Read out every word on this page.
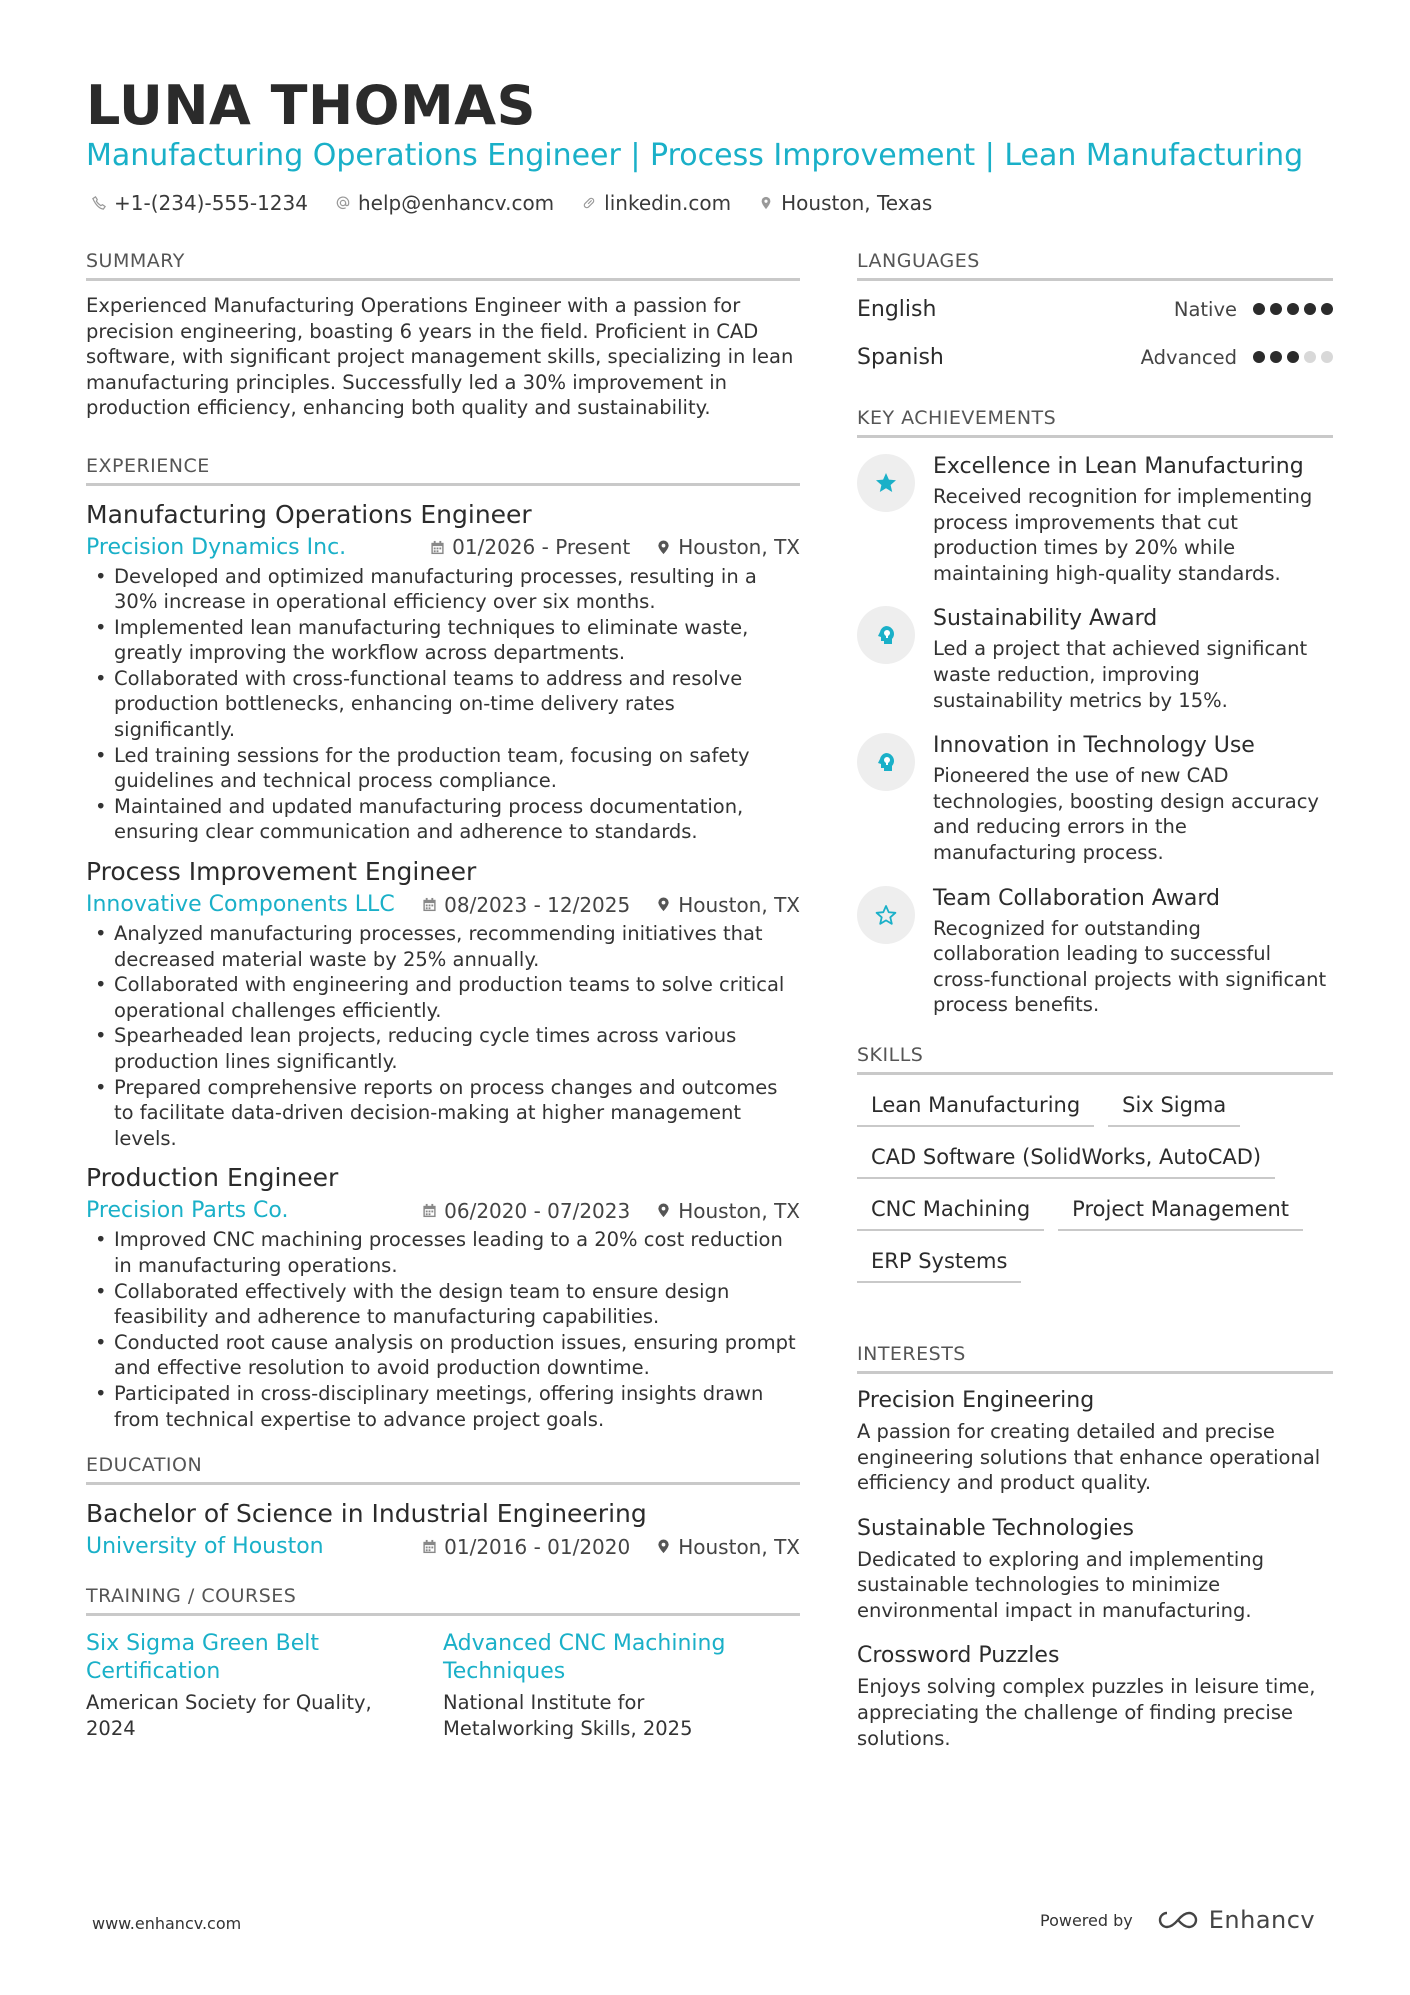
LUNA THOMAS
Manufacturing Operations Engineer | Process Improvement | Lean Manufacturing
+1-(234)-555-1234	help@enhancv.com	linkedin.com	Houston, Texas
SUMMARY

Experienced Manufacturing Operations Engineer with a passion for precision engineering, boasting 6 years in the field. Proficient in CAD software, with significant project management skills, specializing in lean manufacturing principles. Successfully led a 30% improvement in production efficiency, enhancing both quality and sustainability.

EXPERIENCE
Manufacturing Operations Engineer
Precision Dynamics Inc.	01/2026 - Present Houston, TX
• Developed and optimized manufacturing processes, resulting in a 30% increase in operational efficiency over six months.
• Implemented lean manufacturing techniques to eliminate waste, greatly improving the workflow across departments.
• Collaborated with cross-functional teams to address and resolve production bottlenecks, enhancing on-time delivery rates significantly.
• Led training sessions for the production team, focusing on safety guidelines and technical process compliance.
• Maintained and updated manufacturing process documentation, ensuring clear communication and adherence to standards.
Process Improvement Engineer
Innovative Components LLC	08/2023 - 12/2025 Houston, TX
• Analyzed manufacturing processes, recommending initiatives that decreased material waste by 25% annually.
• Collaborated with engineering and production teams to solve critical operational challenges efficiently.
• Spearheaded lean projects, reducing cycle times across various production lines significantly.
• Prepared comprehensive reports on process changes and outcomes to facilitate data-driven decision-making at higher management levels.
Production Engineer
Precision Parts Co.	06/2020 - 07/2023 Houston, TX
• Improved CNC machining processes leading to a 20% cost reduction in manufacturing operations.
• Collaborated effectively with the design team to ensure design feasibility and adherence to manufacturing capabilities.
• Conducted root cause analysis on production issues, ensuring prompt and effective resolution to avoid production downtime.
• Participated in cross-disciplinary meetings, offering insights drawn from technical expertise to advance project goals.
EDUCATION
Bachelor of Science in Industrial Engineering
University of Houston	01/2016 - 01/2020 Houston, TX
TRAINING / COURSES
Six Sigma Green Belt Certification
American Society for Quality, 2024
Advanced CNC Machining Techniques
National Institute for Metalworking Skills, 2025
LANGUAGES
English	Native
Spanish	Advanced
KEY ACHIEVEMENTS
Excellence in Lean Manufacturing
Received recognition for implementing process improvements that cut production times by 20% while maintaining high-quality standards.
Sustainability Award
Led a project that achieved significant waste reduction, improving sustainability metrics by 15%.
Innovation in Technology Use
Pioneered the use of new CAD technologies, boosting design accuracy and reducing errors in the manufacturing process.
Team Collaboration Award
Recognized for outstanding collaboration leading to successful cross-functional projects with significant process benefits.
SKILLS
Lean Manufacturing	Six Sigma
CAD Software (SolidWorks, AutoCAD)
CNC Machining	Project Management
ERP Systems
INTERESTS
Precision Engineering
A passion for creating detailed and precise engineering solutions that enhance operational efficiency and product quality.
Sustainable Technologies
Dedicated to exploring and implementing sustainable technologies to minimize environmental impact in manufacturing.
Crossword Puzzles
Enjoys solving complex puzzles in leisure time, appreciating the challenge of finding precise solutions.
www.enhancv.com	Powered by	Enhancv
